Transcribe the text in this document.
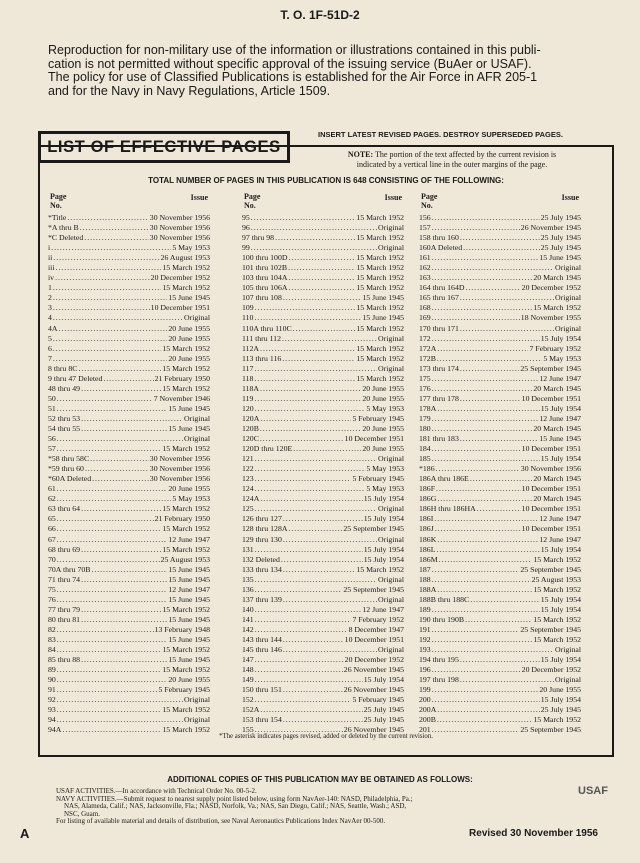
T. O. 1F-51D-2
Reproduction for non-military use of the information or illustrations contained in this publi-
cation is not permitted without specific approval of the issuing service (BuAer or USAF).
The policy for use of Classified Publications is established for the Air Force in AFR 205-1
and for the Navy in Navy Regulations, Article 1509.
LIST OF EFFECTIVE PAGES
INSERT LATEST REVISED PAGES. DESTROY SUPERSEDED PAGES.
NOTE: The portion of the text affected by the current revision is
indicated by a vertical line in the outer margins of the page.
TOTAL NUMBER OF PAGES IN THIS PUBLICATION IS 648 CONSISTING OF THE FOLLOWING:
Page
No.
Issue
*Title . . .	30 November 1956
*A thru B . . .	30 November 1956
*C Deleted . . .	30 November 1956
i . . .	5 May 1953
ii . . .	26 August 1953
iii . . .	15 March 1952
iv . . .	20 December 1952
1 . . .	15 March 1952
2 . . .	15 June 1945
3 . . .	10 December 1951
4 . . .	Original
4A . . .	20 June 1955
5 . . .	20 June 1955
6 . . .	15 March 1952
7 . . .	20 June 1955
8 thru 8C . . .	15 March 1952
9 thru 47 Deleted . . .	21 February 1950
48 thru 49 . . .	15 March 1952
50 . . .	7 November 1946
51 . . .	15 June 1945
52 thru 53 . . .	Original
54 thru 55 . . .	15 June 1945
56 . . .	Original
57 . . .	15 March 1952
*58 thru 58C . . .	30 November 1956
*59 thru 60 . . .	30 November 1956
*60A Deleted . . .	30 November 1956
61 . . .	20 June 1955
62 . . .	5 May 1953
63 thru 64 . . .	15 March 1952
65 . . .	21 February 1950
66 . . .	15 March 1952
67 . . .	12 June 1947
68 thru 69 . . .	15 March 1952
70 . . .	25 August 1953
70A thru 70B . . .	15 June 1945
71 thru 74 . . .	15 June 1945
75 . . .	12 June 1947
76 . . .	15 June 1945
77 thru 79 . . .	15 March 1952
80 thru 81 . . .	15 June 1945
82 . . .	13 February 1948
83 . . .	15 June 1945
84 . . .	15 March 1952
85 thru 88 . . .	15 June 1945
89 . . .	15 March 1952
90 . . .	20 June 1955
91 . . .	5 February 1945
92 . . .	Original
93 . . .	15 March 1952
94 . . .	Original
94A . . .	15 March 1952
Page
No.
Issue
95 . . .	15 March 1952
96 . . .	Original
97 thru 98 . . .	15 March 1952
99 . . .	Original
100 thru 100D . . .	15 March 1952
101 thru 102B . . .	15 March 1952
103 thru 104A . . .	15 March 1952
105 thru 106A . . .	15 March 1952
107 thru 108 . . .	15 June 1945
109 . . .	15 March 1952
110 . . .	15 June 1945
110A thru 110C . . .	15 March 1952
111 thru 112 . . .	Original
112A . . .	15 March 1952
113 thru 116 . . .	15 March 1952
117 . . .	Original
118 . . .	15 March 1952
118A . . .	20 June 1955
119 . . .	20 June 1955
120 . . .	5 May 1953
120A . . .	5 February 1945
120B . . .	20 June 1955
120C . . .	10 December 1951
120D thru 120E . . .	20 June 1955
121 . . .	Original
122 . . .	5 May 1953
123 . . .	5 February 1945
124 . . .	5 May 1953
124A . . .	15 July 1954
125 . . .	Original
126 thru 127 . . .	15 July 1954
128 thru 128A . . .	25 September 1945
129 thru 130 . . .	Original
131 . . .	15 July 1954
132 Deleted . . .	15 July 1954
133 thru 134 . . .	15 March 1952
135 . . .	Original
136 . . .	25 September 1945
137 thru 139 . . .	Original
140 . . .	12 June 1947
141 . . .	7 February 1952
142 . . .	8 December 1947
143 thru 144 . . .	10 December 1951
145 thru 146 . . .	Original
147 . . .	20 December 1952
148 . . .	26 November 1945
149 . . .	15 July 1954
150 thru 151 . . .	26 November 1945
152 . . .	5 February 1945
152A . . .	25 July 1945
153 thru 154 . . .	25 July 1945
155 . . .	26 November 1945
Page
No.
Issue
156 . . .	25 July 1945
157 . . .	26 November 1945
158 thru 160 . . .	25 July 1945
160A Deleted . . .	25 July 1945
161 . . .	15 June 1945
162 . . .	Original
163 . . .	20 March 1945
164 thru 164D . . .	20 December 1952
165 thru 167 . . .	Original
168 . . .	15 March 1952
169 . . .	18 November 1955
170 thru 171 . . .	Original
172 . . .	15 July 1954
172A . . .	7 February 1952
172B . . .	5 May 1953
173 thru 174 . . .	25 September 1945
175 . . .	12 June 1947
176 . . .	20 March 1945
177 thru 178 . . .	10 December 1951
178A . . .	15 July 1954
179 . . .	12 June 1947
180 . . .	20 March 1945
181 thru 183 . . .	15 June 1945
184 . . .	10 December 1951
185 . . .	15 July 1954
*186 . . .	30 November 1956
186A thru 186E . . .	20 March 1945
186F . . .	10 December 1951
186G . . .	20 March 1945
186H thru 186HA . . .	10 December 1951
186I . . .	12 June 1947
186J . . .	10 December 1951
186K . . .	12 June 1947
186L . . .	15 July 1954
186M . . .	15 March 1952
187 . . .	25 September 1945
188 . . .	25 August 1953
188A . . .	15 March 1952
188B thru 188C . . .	15 July 1954
189 . . .	15 July 1954
190 thru 190B . . .	15 March 1952
191 . . .	25 September 1945
192 . . .	15 March 1952
193 . . .	Original
194 thru 195 . . .	15 July 1954
196 . . .	20 December 1952
197 thru 198 . . .	Original
199 . . .	20 June 1955
200 . . .	15 July 1954
200A . . .	25 July 1945
200B . . .	15 March 1952
201 . . .	25 September 1945
*The asterisk indicates pages revised, added or deleted by the current revision.
ADDITIONAL COPIES OF THIS PUBLICATION MAY BE OBTAINED AS FOLLOWS:
USAF ACTIVITIES.—In accordance with Technical Order No. 00-5-2.
NAVY ACTIVITIES.—Submit request to nearest supply point listed below, using form NavAer-140: NASD, Philadelphia, Pa.;
NAS, Alameda, Calif.; NAS, Jacksonville, Fla.; NASD, Norfolk, Va.; NAS, San Diego, Calif.; NAS, Seattle, Wash.; ASD,
NSC, Guam.
For listing of available material and details of distribution, see Naval Aeronautics Publications Index NavAer 00-500.
USAF
A	Revised 30 November 1956
